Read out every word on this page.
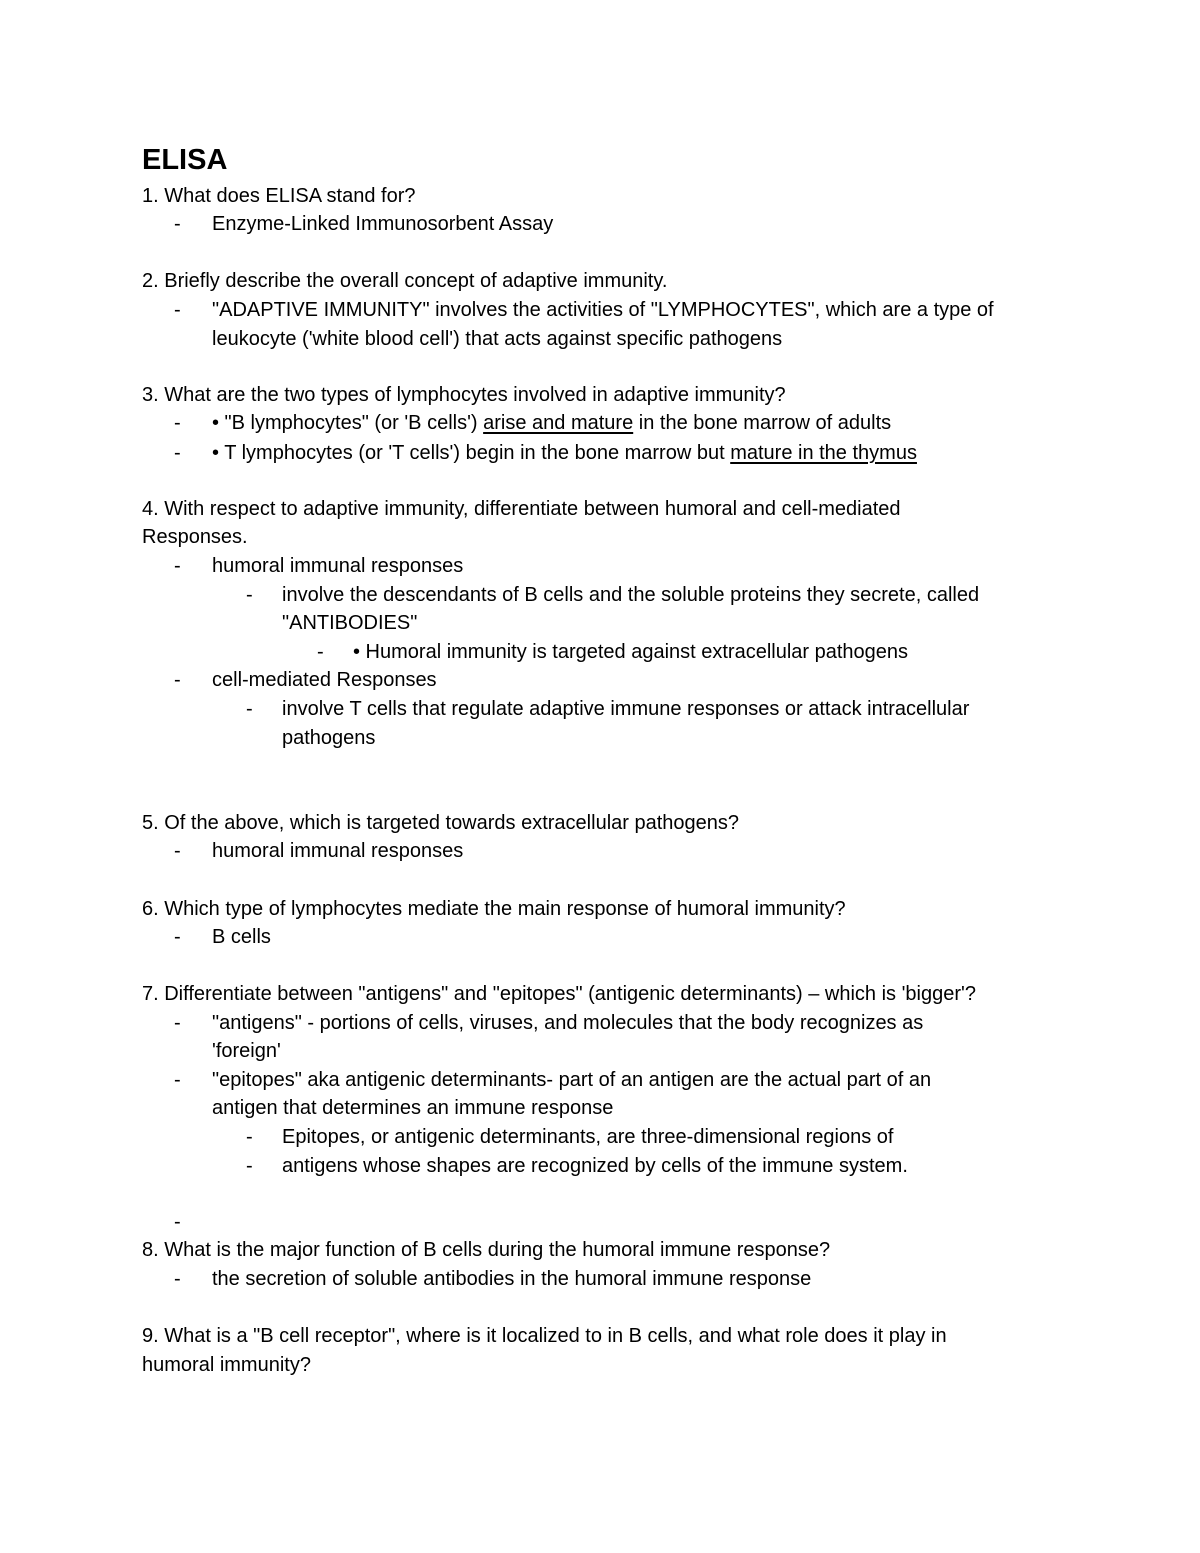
ELISA

1. What does ELISA stand for?

- Enzyme-Linked Immunosorbent Assay

2. Briefly describe the overall concept of adaptive immunity.

- "ADAPTIVE IMMUNITY" involves the activities of "LYMPHOCYTES", which are a type of

leukocyte ('white blood cell') that acts against specific pathogens

3. What are the two types of lymphocytes involved in adaptive immunity?

- • "B lymphocytes" (or 'B cells') arise and mature in the bone marrow of adults

- • T lymphocytes (or 'T cells') begin in the bone marrow but mature in the thymus

4. With respect to adaptive immunity, differentiate between humoral and cell-mediated

Responses.

- humoral immunal responses

- involve the descendants of B cells and the soluble proteins they secrete, called

"ANTIBODIES"

- • Humoral immunity is targeted against extracellular pathogens

- cell-mediated Responses

- involve T cells that regulate adaptive immune responses or attack intracellular

pathogens

5. Of the above, which is targeted towards extracellular pathogens?

- humoral immunal responses

6. Which type of lymphocytes mediate the main response of humoral immunity?

- B cells

7. Differentiate between "antigens" and "epitopes" (antigenic determinants) – which is 'bigger'?

- "antigens" - portions of cells, viruses, and molecules that the body recognizes as

'foreign'

- "epitopes" aka antigenic determinants- part of an antigen are the actual part of an

antigen that determines an immune response

- Epitopes, or antigenic determinants, are three-dimensional regions of

- antigens whose shapes are recognized by cells of the immune system.

-

8. What is the major function of B cells during the humoral immune response?

- the secretion of soluble antibodies in the humoral immune response

9. What is a "B cell receptor", where is it localized to in B cells, and what role does it play in

humoral immunity?
